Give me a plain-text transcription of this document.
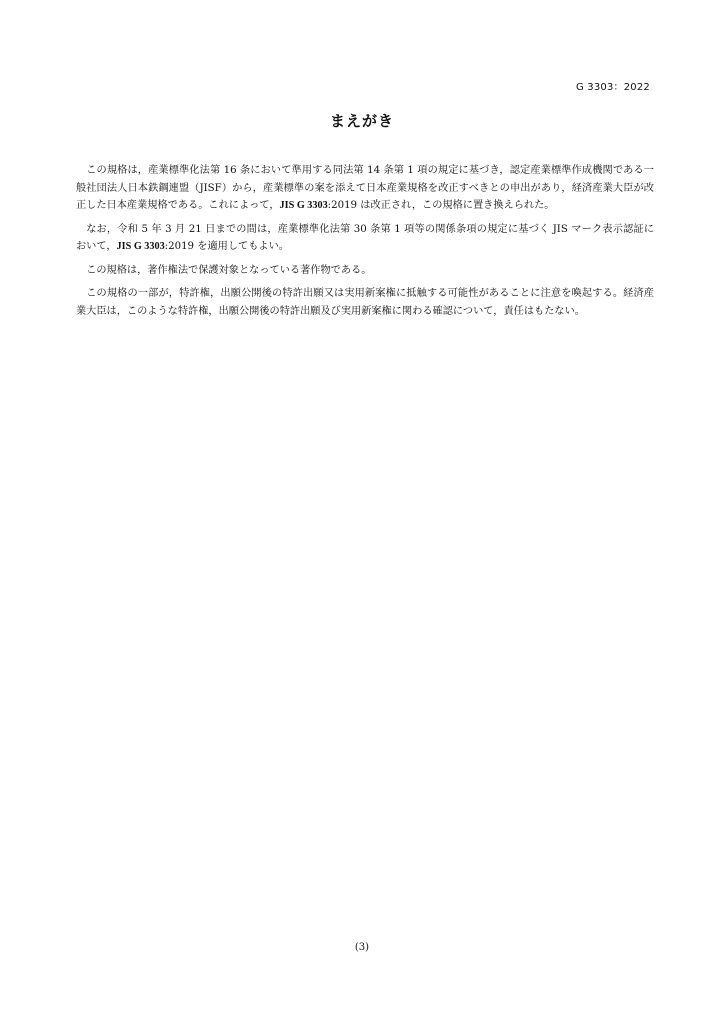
G 3303：2022
まえがき

この規格は，産業標準化法第 16 条において準用する同法第 14 条第 1 項の規定に基づき，認定産業標準作成機関である一般社団法人日本鉄鋼連盟（JISF）から，産業標準の案を添えて日本産業規格を改正すべきとの申出があり，経済産業大臣が改正した日本産業規格である。これによって，JIS G 3303:2019 は改正され，この規格に置き換えられた。

なお，令和 5 年 3 月 21 日までの間は，産業標準化法第 30 条第 1 項等の関係条項の規定に基づく JIS マーク表示認証において，JIS G 3303:2019 を適用してもよい。

この規格は，著作権法で保護対象となっている著作物である。

この規格の一部が，特許権，出願公開後の特許出願又は実用新案権に抵触する可能性があることに注意を喚起する。経済産業大臣は，このような特許権，出願公開後の特許出願及び実用新案権に関わる確認について，責任はもたない。

(3)
